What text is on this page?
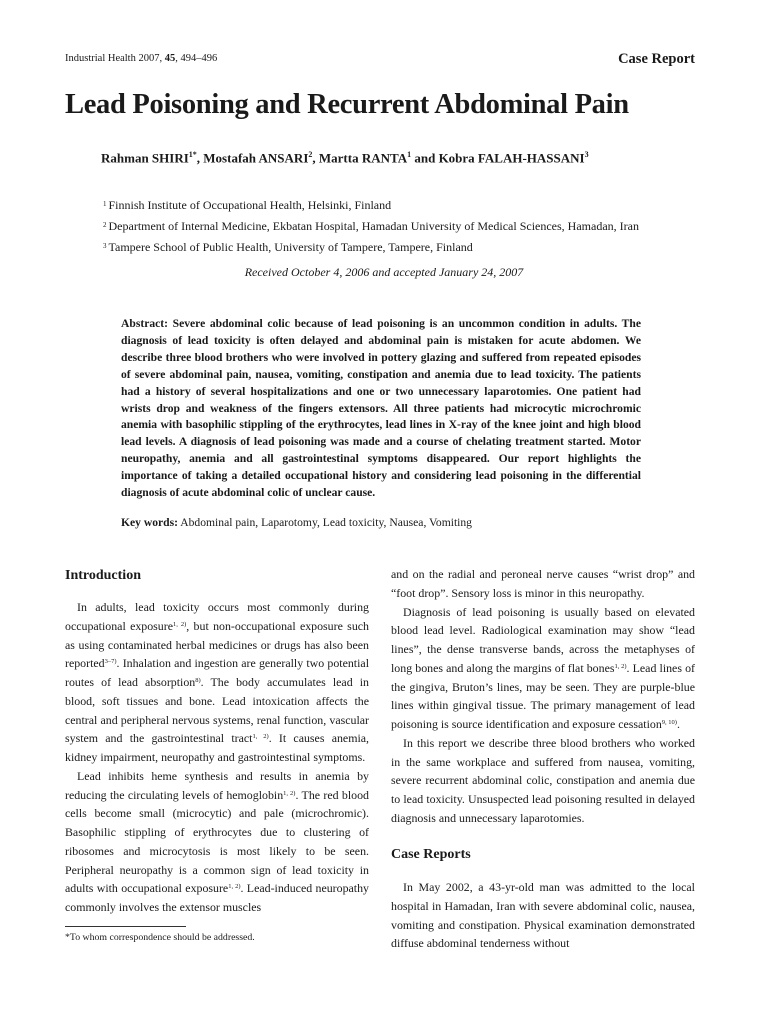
Industrial Health 2007, 45, 494–496	Case Report
Lead Poisoning and Recurrent Abdominal Pain
Rahman $SHIRI^{1*}$, Mostafah ANSARI$^2$, Martta RANTA$^1$ and Kobra FALAH-HASSANI$^3$
$^1$ Finnish Institute of Occupational Health, Helsinki, Finland
$^2$ Department of Internal Medicine, Ekbatan Hospital, Hamadan University of Medical Sciences, Hamadan, Iran
$^3$ Tampere School of Public Health, University of Tampere, Tampere, Finland
Received October 4, 2006 and accepted January 24, 2007

Abstract: Severe abdominal colic because of lead poisoning is an uncommon condition in adults. The diagnosis of lead toxicity is often delayed and abdominal pain is mistaken for acute abdomen. We describe three blood brothers who were involved in pottery glazing and suffered from repeated episodes of severe abdominal pain, nausea, vomiting, constipation and anemia due to lead toxicity. The patients had a history of several hospitalizations and one or two unnecessary laparotomies. One patient had wrists drop and weakness of the fingers extensors. All three patients had microcytic microchromic anemia with basophilic stippling of the erythrocytes, lead lines in X-ray of the knee joint and high blood lead levels. A diagnosis of lead poisoning was made and a course of chelating treatment started. Motor neuropathy, anemia and all gastrointestinal symptoms disappeared. Our report highlights the importance of taking a detailed occupational history and considering lead poisoning in the differential diagnosis of acute abdominal colic of unclear cause.

Key words: Abdominal pain, Laparotomy, Lead toxicity, Nausea, Vomiting
Introduction

In adults, lead toxicity occurs most commonly during occupational exposure$^{1, 2)}$, but non-occupational exposure such as using contaminated herbal medicines or drugs has also been reported$^{3-7)}$. Inhalation and ingestion are generally two potential routes of lead absorption$^{8)}$. The body accumulates lead in blood, soft tissues and bone. Lead intoxication affects the central and peripheral nervous systems, renal function, vascular system and the gastrointestinal tract$^{1, 2)}$. It causes anemia, kidney impairment, neuropathy and gastrointestinal symptoms.
Lead inhibits heme synthesis and results in anemia by reducing the circulating levels of hemoglobin$^{1, 2)}$. The red blood cells become small (microcytic) and pale (microchromic). Basophilic stippling of erythrocytes due to clustering of ribosomes and microcytosis is most likely to be seen. Peripheral neuropathy is a common sign of lead toxicity in adults with occupational exposure$^{1, 2)}$. Lead-induced neuropathy commonly involves the extensor muscles

and on the radial and peroneal nerve causes “wrist drop” and “foot drop”. Sensory loss is minor in this neuropathy.
Diagnosis of lead poisoning is usually based on elevated blood lead level. Radiological examination may show “lead lines”, the dense transverse bands, across the metaphyses of long bones and along the margins of flat bones$^{1, 2)}$. Lead lines of the gingiva, Bruton’s lines, may be seen. They are purple-blue lines within gingival tissue. The primary management of lead poisoning is source identification and exposure cessation$^{9, 10)}$.
In this report we describe three blood brothers who worked in the same workplace and suffered from nausea, vomiting, severe recurrent abdominal colic, constipation and anemia due to lead toxicity. Unsuspected lead poisoning resulted in delayed diagnosis and unnecessary laparotomies.

Case Reports

In May 2002, a 43-yr-old man was admitted to the local hospital in Hamadan, Iran with severe abdominal colic, nausea, vomiting and constipation. Physical examination demonstrated diffuse abdominal tenderness without

*To whom correspondence should be addressed.
